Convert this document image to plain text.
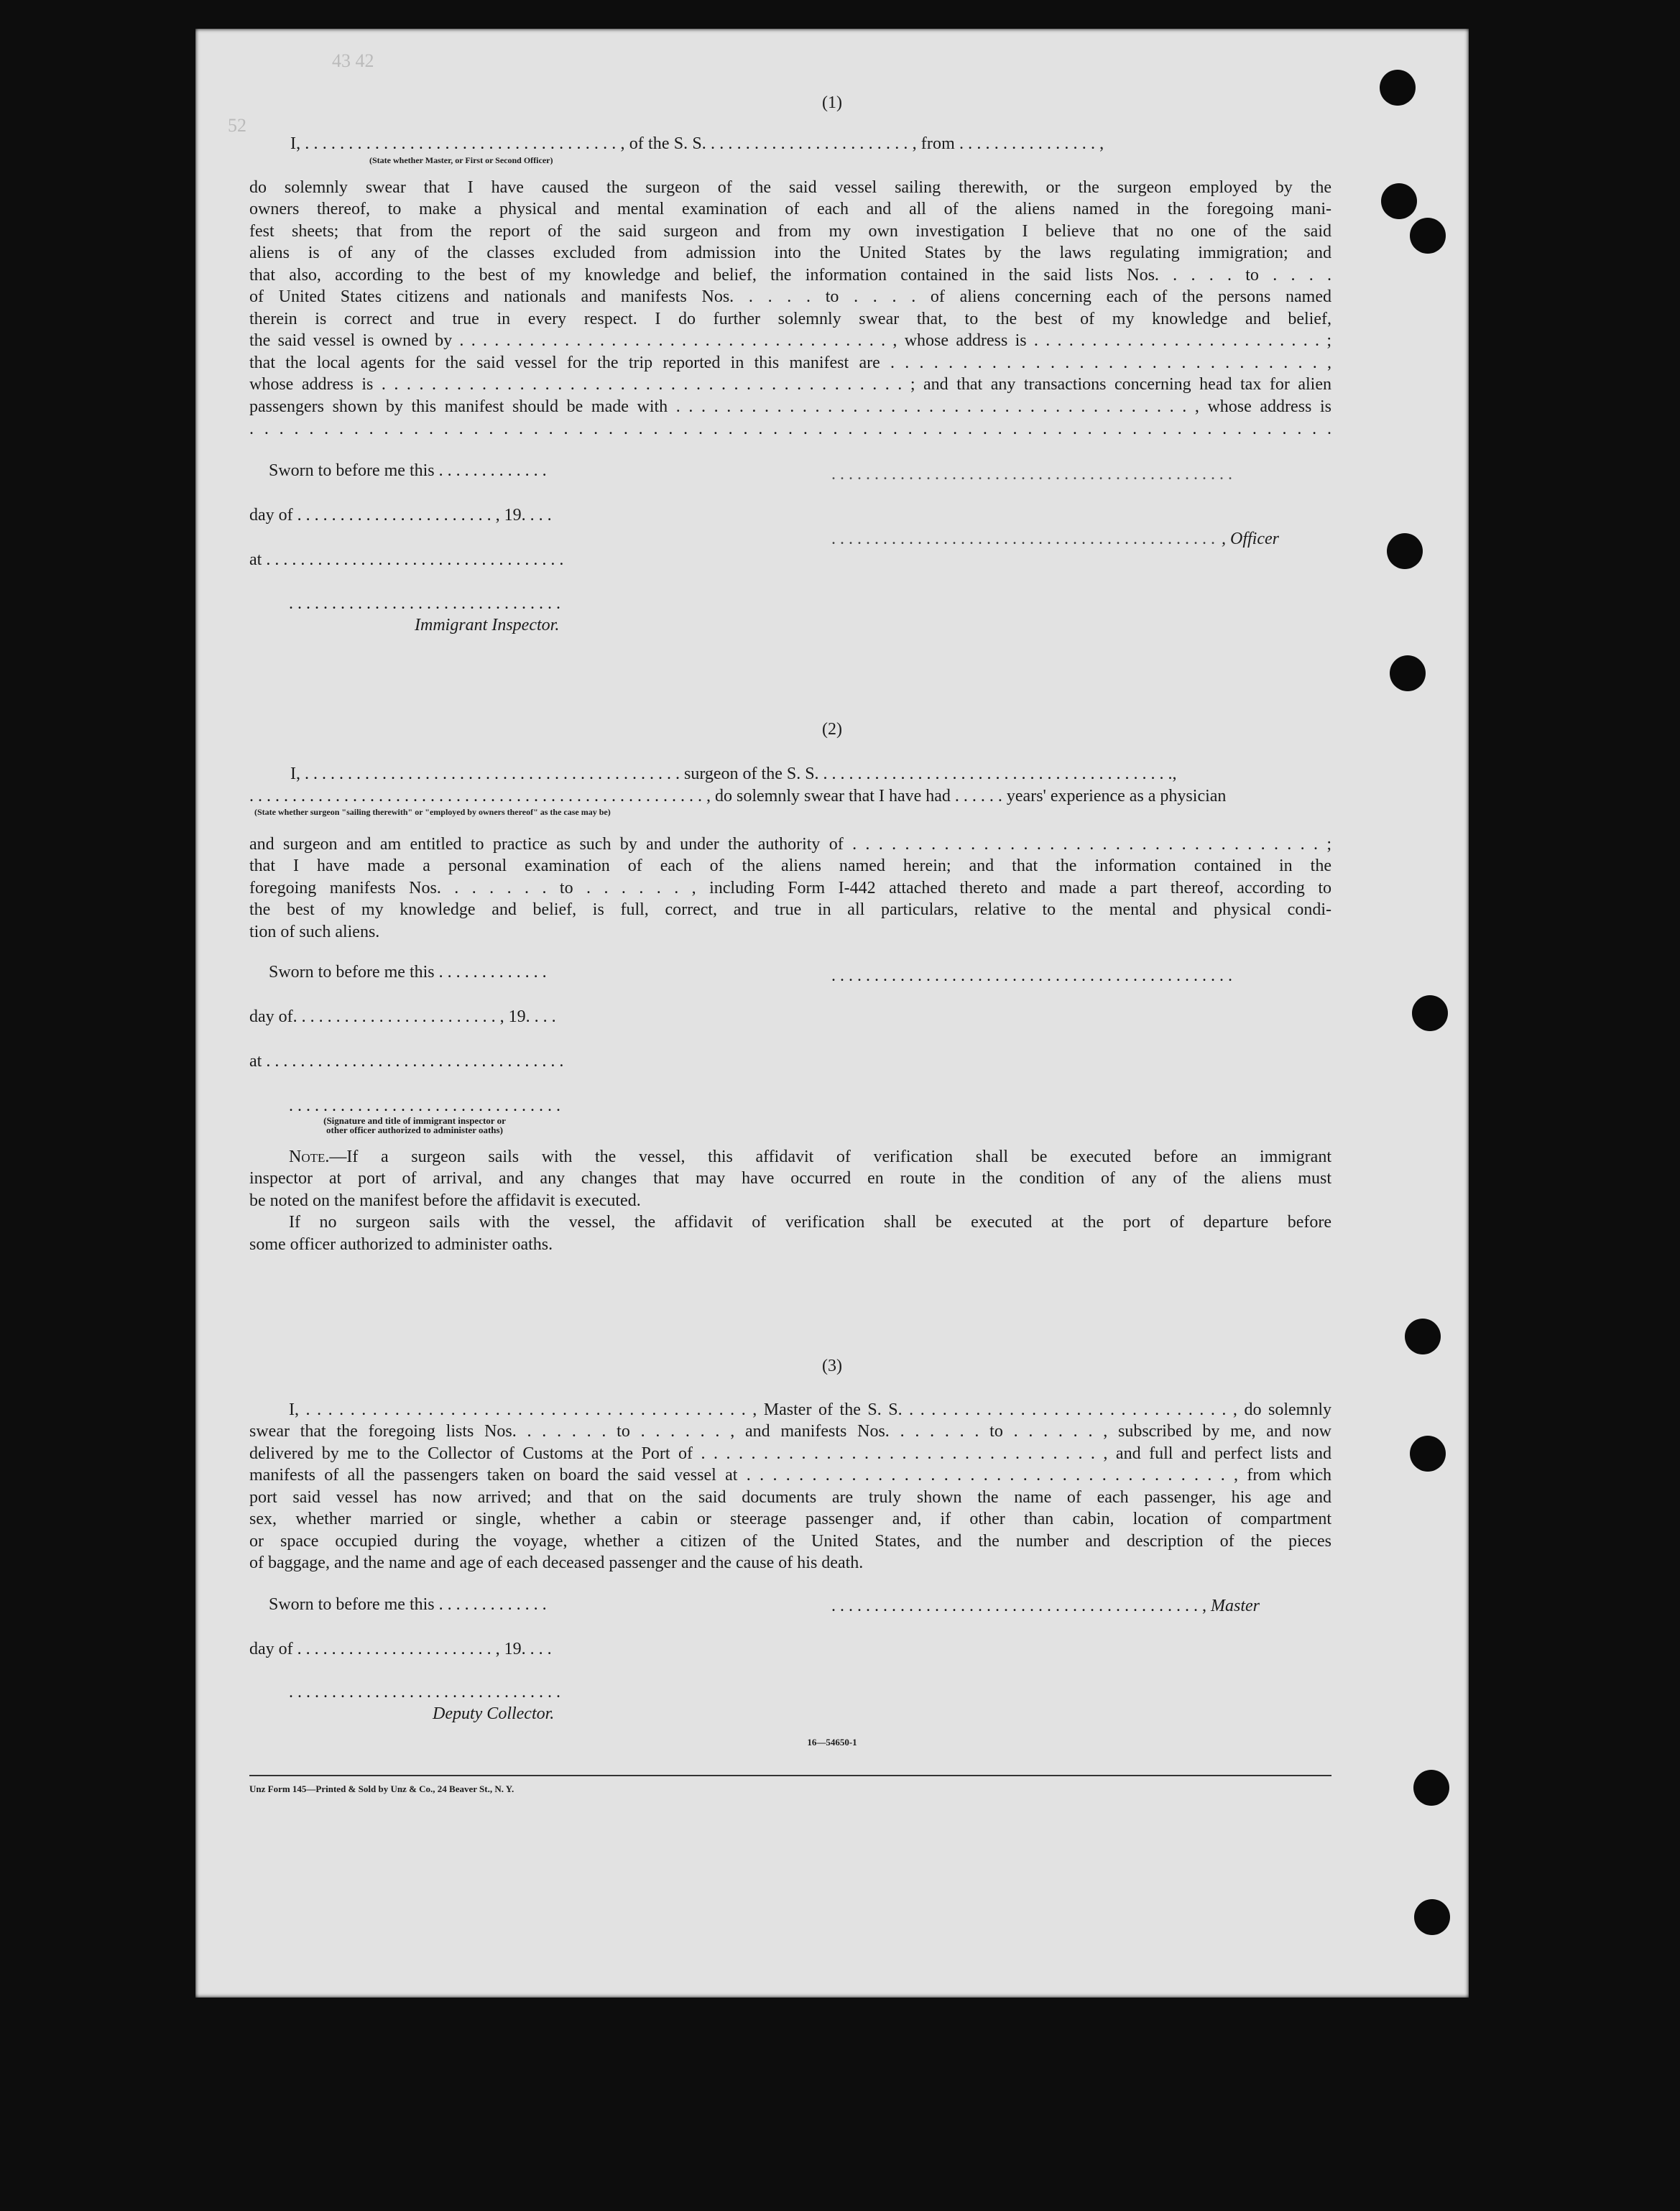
43 42
52
(1)
I, . . . . . . . . . . . . . . . . . . . . . . . . . . . . . . . . . . . . , of the S. S. . . . . . . . . . . . . . . . . . . . . . . . , from . . . . . . . . . . . . . . . . ,
(State whether Master, or First or Second Officer)
do solemnly swear that I have caused the surgeon of the said vessel sailing therewith, or the surgeon employed by the
owners thereof, to make a physical and mental examination of each and all of the aliens named in the foregoing mani-
fest sheets; that from the report of the said surgeon and from my own investigation I believe that no one of the said
aliens is of any of the classes excluded from admission into the United States by the laws regulating immigration; and
that also, according to the best of my knowledge and belief, the information contained in the said lists Nos. . . . . to . . . .
of United States citizens and nationals and manifests Nos. . . . . to . . . . of aliens concerning each of the persons named
therein is correct and true in every respect. I do further solemnly swear that, to the best of my knowledge and belief,
the said vessel is owned by . . . . . . . . . . . . . . . . . . . . . . . . . . . . . . . . . . . . . , whose address is . . . . . . . . . . . . . . . . . . . . . . . . . ;
that the local agents for the said vessel for the trip reported in this manifest are . . . . . . . . . . . . . . . . . . . . . . . . . . . . . . ,
whose address is . . . . . . . . . . . . . . . . . . . . . . . . . . . . . . . . . . . . . . . . . . ; and that any transactions concerning head tax for alien
passengers shown by this manifest should be made with . . . . . . . . . . . . . . . . . . . . . . . . . . . . . . . . . . . . . . . . . , whose address is
. . . . . . . . . . . . . . . . . . . . . . . . . . . . . . . . . . . . . . . . . . . . . . . . . . . . . . . . . . . . . . . . . . . . . . . . .
Sworn to before me this . . . . . . . . . . . . .	. . . . . . . . . . . . . . . . . . . . . . . . . . . . . . . . . . . . . . . . . . . . . . .
day of . . . . . . . . . . . . . . . . . . . . . . . , 19. . . .
. . . . . . . . . . . . . . . . . . . . . . . . . . . . . . . . . . . . . . . . . . . . . , Officer
at . . . . . . . . . . . . . . . . . . . . . . . . . . . . . . . . . . .
. . . . . . . . . . . . . . . . . . . . . . . . . . . . . . . .
Immigrant Inspector.
(2)
I, . . . . . . . . . . . . . . . . . . . . . . . . . . . . . . . . . . . . . . . . . . . . surgeon of the S. S. . . . . . . . . . . . . . . . . . . . . . . . . . . . . . . . . . . . . . . . . .,
. . . . . . . . . . . . . . . . . . . . . . . . . . . . . . . . . . . . . . . . . . . . . . . . . . . . . , do solemnly swear that I have had . . . . . . years' experience as a physician
(State whether surgeon "sailing therewith" or "employed by owners thereof" as the case may be)
and surgeon and am entitled to practice as such by and under the authority of . . . . . . . . . . . . . . . . . . . . . . . . . . . . . . . . . . . . ;
that I have made a personal examination of each of the aliens named herein; and that the information contained in the
foregoing manifests Nos. . . . . . . to . . . . . . , including Form I-442 attached thereto and made a part thereof, according to
the best of my knowledge and belief, is full, correct, and true in all particulars, relative to the mental and physical condi-
tion of such aliens.
Sworn to before me this . . . . . . . . . . . . .	. . . . . . . . . . . . . . . . . . . . . . . . . . . . . . . . . . . . . . . . . . . . . . .
day of. . . . . . . . . . . . . . . . . . . . . . . . , 19. . . .
at . . . . . . . . . . . . . . . . . . . . . . . . . . . . . . . . . . .
. . . . . . . . . . . . . . . . . . . . . . . . . . . . . . . .
(Signature and title of immigrant inspector or
other officer authorized to administer oaths)
Note.—If a surgeon sails with the vessel, this affidavit of verification shall be executed before an immigrant
inspector at port of arrival, and any changes that may have occurred en route in the condition of any of the aliens must
be noted on the manifest before the affidavit is executed.
If no surgeon sails with the vessel, the affidavit of verification shall be executed at the port of departure before
some officer authorized to administer oaths.
(3)
I, . . . . . . . . . . . . . . . . . . . . . . . . . . . . . . . . . . . . . . . . , Master of the S. S. . . . . . . . . . . . . . . . . . . . . . . . . . . . . . , do solemnly
swear that the foregoing lists Nos. . . . . . . to . . . . . . , and manifests Nos. . . . . . . to . . . . . . , subscribed by me, and now
delivered by me to the Collector of Customs at the Port of . . . . . . . . . . . . . . . . . . . . . . . . . . . . . . . . , and full and perfect lists and
manifests of all the passengers taken on board the said vessel at . . . . . . . . . . . . . . . . . . . . . . . . . . . . . . . . . . . . . , from which
port said vessel has now arrived; and that on the said documents are truly shown the name of each passenger, his age and
sex, whether married or single, whether a cabin or steerage passenger and, if other than cabin, location of compartment
or space occupied during the voyage, whether a citizen of the United States, and the number and description of the pieces
of baggage, and the name and age of each deceased passenger and the cause of his death.
Sworn to before me this . . . . . . . . . . . . .	. . . . . . . . . . . . . . . . . . . . . . . . . . . . . . . . . . . . . . . . . . . , Master
day of . . . . . . . . . . . . . . . . . . . . . . . , 19. . . .
. . . . . . . . . . . . . . . . . . . . . . . . . . . . . . . .
Deputy Collector.
16—54650-1
Unz Form 145—Printed & Sold by Unz & Co., 24 Beaver St., N. Y.
